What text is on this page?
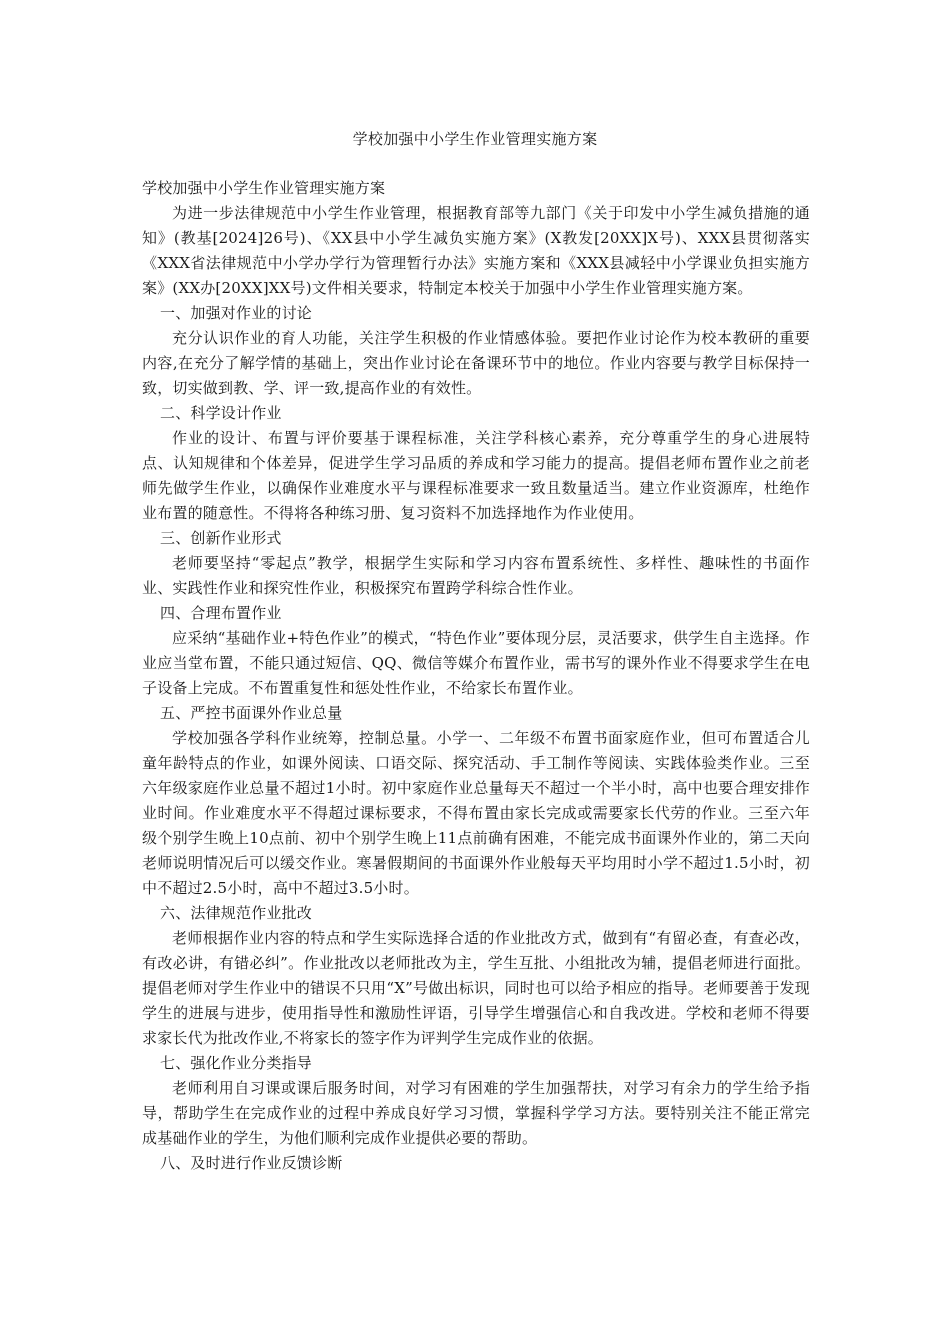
学校加强中小学生作业管理实施方案

学校加强中小学生作业管理实施方案

为进一步法律规范中小学生作业管理，根据教育部等九部门《关于印发中小学生减负措施的通知》(教基[2024]26号)、《XX县中小学生减负实施方案》(X教发[20XX]X号)、XXX县贯彻落实《XXX省法律规范中小学办学行为管理暂行办法》实施方案和《XXX县减轻中小学课业负担实施方案》(XX办[20XX]XX号)文件相关要求，特制定本校关于加强中小学生作业管理实施方案。

一、加强对作业的讨论

充分认识作业的育人功能，关注学生积极的作业情感体验。要把作业讨论作为校本教研的重要内容,在充分了解学情的基础上，突出作业讨论在备课环节中的地位。作业内容要与教学目标保持一致，切实做到教、学、评一致,提高作业的有效性。

二、科学设计作业

作业的设计、布置与评价要基于课程标准，关注学科核心素养，充分尊重学生的身心进展特点、认知规律和个体差异，促进学生学习品质的养成和学习能力的提高。提倡老师布置作业之前老师先做学生作业，以确保作业难度水平与课程标准要求一致且数量适当。建立作业资源库，杜绝作业布置的随意性。不得将各种练习册、复习资料不加选择地作为作业使用。

三、创新作业形式

老师要坚持“零起点”教学，根据学生实际和学习内容布置系统性、多样性、趣味性的书面作业、实践性作业和探究性作业，积极探究布置跨学科综合性作业。

四、合理布置作业

应采纳“基础作业+特色作业”的模式，“特色作业”要体现分层，灵活要求，供学生自主选择。作业应当堂布置，不能只通过短信、QQ、微信等媒介布置作业，需书写的课外作业不得要求学生在电子设备上完成。不布置重复性和惩处性作业，不给家长布置作业。

五、严控书面课外作业总量

学校加强各学科作业统筹，控制总量。小学一、二年级不布置书面家庭作业，但可布置适合儿童年龄特点的作业，如课外阅读、口语交际、探究活动、手工制作等阅读、实践体验类作业。三至六年级家庭作业总量不超过1小时。初中家庭作业总量每天不超过一个半小时，高中也要合理安排作业时间。作业难度水平不得超过课标要求，不得布置由家长完成或需要家长代劳的作业。三至六年级个别学生晚上10点前、初中个别学生晚上11点前确有困难，不能完成书面课外作业的，第二天向老师说明情况后可以缓交作业。寒暑假期间的书面课外作业般每天平均用时小学不超过1.5小时，初中不超过2.5小时，高中不超过3.5小时。

六、法律规范作业批改

老师根据作业内容的特点和学生实际选择合适的作业批改方式，做到有“有留必查，有查必改，有改必讲，有错必纠”。作业批改以老师批改为主，学生互批、小组批改为辅，提倡老师进行面批。提倡老师对学生作业中的错误不只用“X”号做出标识，同时也可以给予相应的指导。老师要善于发现学生的进展与进步，使用指导性和激励性评语，引导学生增强信心和自我改进。学校和老师不得要求家长代为批改作业,不将家长的签字作为评判学生完成作业的依据。

七、强化作业分类指导

老师利用自习课或课后服务时间，对学习有困难的学生加强帮扶，对学习有余力的学生给予指导，帮助学生在完成作业的过程中养成良好学习习惯，掌握科学学习方法。要特别关注不能正常完成基础作业的学生，为他们顺利完成作业提供必要的帮助。

八、及时进行作业反馈诊断
